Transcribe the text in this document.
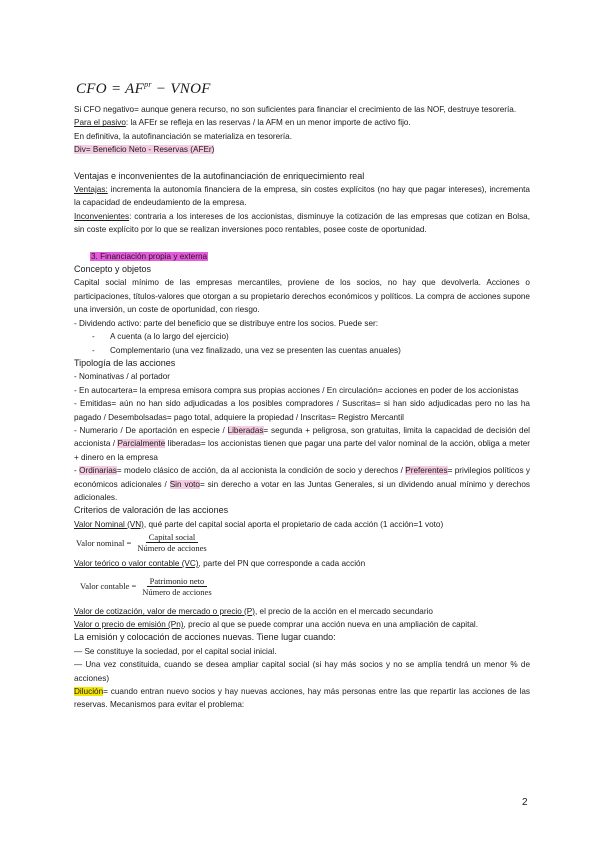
CFO = $AF^{pr}$ − VNOF

Si CFO negativo= aunque genera recurso, no son suficientes para financiar el crecimiento de las NOF, destruye tesorería.

Para el pasivo: la AFEr se refleja en las reservas / la AFM en un menor importe de activo fijo.

En definitiva, la autofinanciación se materializa en tesorería.

Div= Beneficio Neto - Reservas (AFEr)

Ventajas e inconvenientes de la autofinanciación de enriquecimiento real

Ventajas: incrementa la autonomía financiera de la empresa, sin costes explícitos (no hay que pagar intereses), incrementa la capacidad de endeudamiento de la empresa.

Inconvenientes: contraria a los intereses de los accionistas, disminuye la cotización de las empresas que cotizan en Bolsa, sin coste explícito por lo que se realizan inversiones poco rentables, posee coste de oportunidad.

3. Financiación propia y externa

Concepto y objetos

Capital social mínimo de las empresas mercantiles, proviene de los socios, no hay que devolverla. Acciones o participaciones, títulos-valores que otorgan a su propietario derechos económicos y políticos. La compra de acciones supone una inversión, un coste de oportunidad, con riesgo.

- Dividendo activo: parte del beneficio que se distribuye entre los socios. Puede ser:

- A cuenta (a lo largo del ejercicio)

- Complementario (una vez finalizado, una vez se presenten las cuentas anuales)

Tipología de las acciones

- Nominativas / al portador

- En autocartera= la empresa emisora compra sus propias acciones / En circulación= acciones en poder de los accionistas

- Emitidas= aún no han sido adjudicadas a los posibles compradores / Suscritas= si han sido adjudicadas pero no las ha pagado / Desembolsadas= pago total, adquiere la propiedad / Inscritas= Registro Mercantil

- Numerario / De aportación en especie / Liberadas= segunda + peligrosa, son gratuitas, limita la capacidad de decisión del accionista / Parcialmente liberadas= los accionistas tienen que pagar una parte del valor nominal de la acción, obliga a meter + dinero en la empresa

- Ordinarias= modelo clásico de acción, da al accionista la condición de socio y derechos / Preferentes= privilegios políticos y económicos adicionales / Sin voto= sin derecho a votar en las Juntas Generales, si un dividendo anual mínimo y derechos adicionales.

Criterios de valoración de las acciones

Valor Nominal (VN), qué parte del capital social aporta el propietario de cada acción (1 acción=1 voto)

Valor nominal = $\frac{\text{Capital social}}{\text{Número de acciones}}$

Valor teórico o valor contable (VC), parte del PN que corresponde a cada acción

Valor contable = $\frac{\text{Patrimonio neto}}{\text{Número de acciones}}$

Valor de cotización, valor de mercado o precio (P), el precio de la acción en el mercado secundario

Valor o precio de emisión (Pn), precio al que se puede comprar una acción nueva en una ampliación de capital.

La emisión y colocación de acciones nuevas. Tiene lugar cuando:

— Se constituye la sociedad, por el capital social inicial.

— Una vez constituida, cuando se desea ampliar capital social (si hay más socios y no se amplía tendrá un menor % de acciones)

Dilución= cuando entran nuevo socios y hay nuevas acciones, hay más personas entre las que repartir las acciones de las reservas. Mecanismos para evitar el problema:

2
